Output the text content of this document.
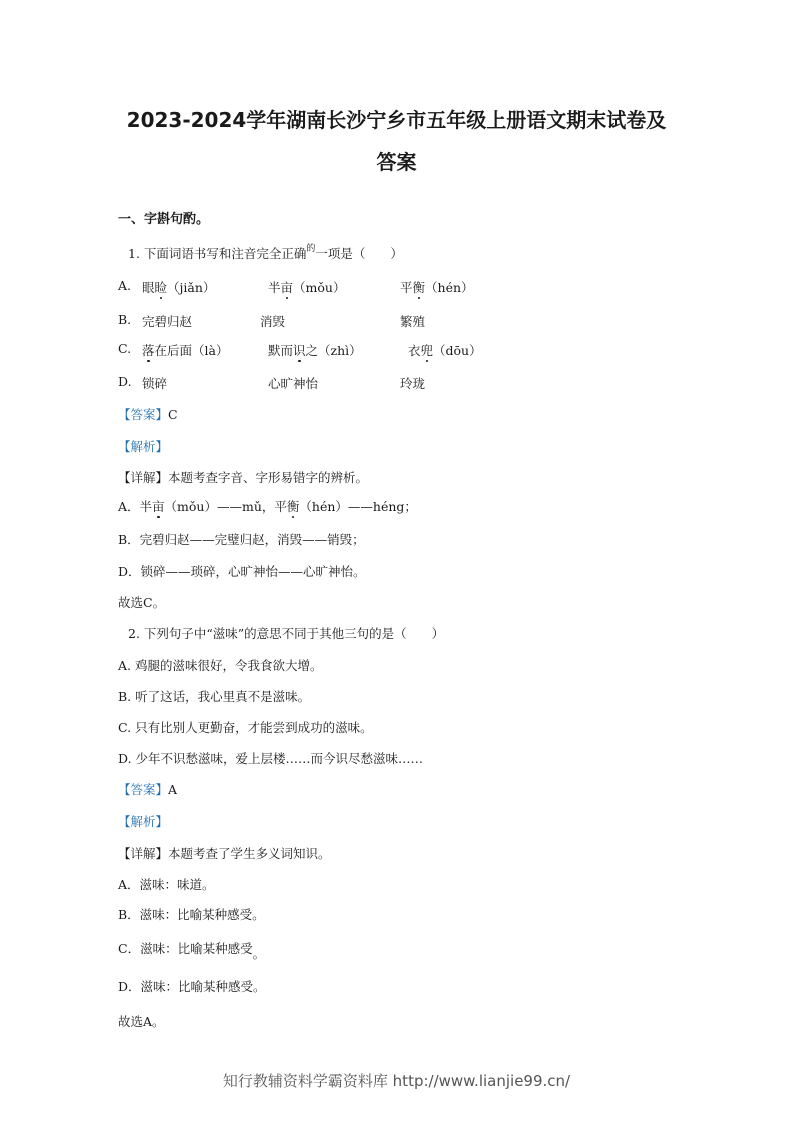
2023-2024学年湖南长沙宁乡市五年级上册语文期末试卷及
答案
一、字斟句酌。
1. 下面词语书写和注音完全正确$^的$一项是（　　）
A. 眼睑（jiǎn）	半亩（mǒu）	平衡（hén）
B. 完碧归赵	消毁	繁殖
C. 落在后面（là）	默而识之（zhì）	衣兜（dōu）
D. 锁碎	心旷神怡	玲珑
【答案】C
【解析】
【详解】本题考查字音、字形易错字的辨析。
A．半亩（mǒu）——mǔ，平衡（hén）——héng；
B．完碧归赵——完璧归赵，消毁——销毁；
D．锁碎——琐碎，心旷神怡——心旷神怡。
故选C。
2. 下列句子中“滋味”的意思不同于其他三句的是（　　）
A. 鸡腿的滋味很好，令我食欲大增。
B. 听了这话，我心里真不是滋味。
C. 只有比别人更勤奋，才能尝到成功的滋味。
D. 少年不识愁滋味，爱上层楼……而今识尽愁滋味……
【答案】A
【解析】
【详解】本题考查了学生多义词知识。
A．滋味：味道。
B．滋味：比喻某种感受。
C．滋味：比喻某种感受。
D．滋味：比喻某种感受。
故选A。
知行教辅资料学霸资料库 http://www.lianjie99.cn/
